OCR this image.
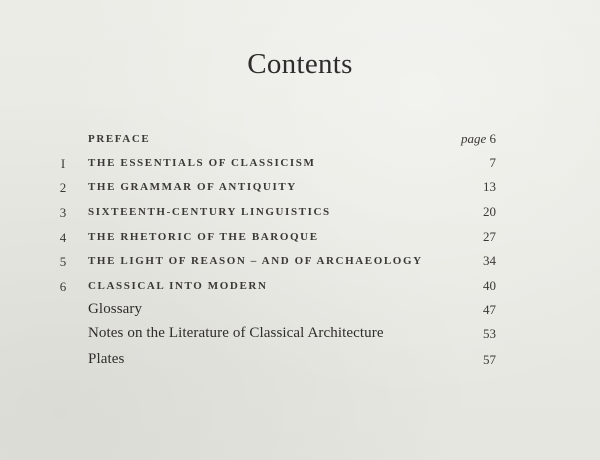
Contents
PREFACE	page 6
I	THE ESSENTIALS OF CLASSICISM	7
2	THE GRAMMAR OF ANTIQUITY	13
3	SIXTEENTH-CENTURY LINGUISTICS	20
4	THE RHETORIC OF THE BAROQUE	27
5	THE LIGHT OF REASON – AND OF ARCHAEOLOGY	34
6	CLASSICAL INTO MODERN	40
Glossary	47
Notes on the Literature of Classical Architecture	53
Plates	57
